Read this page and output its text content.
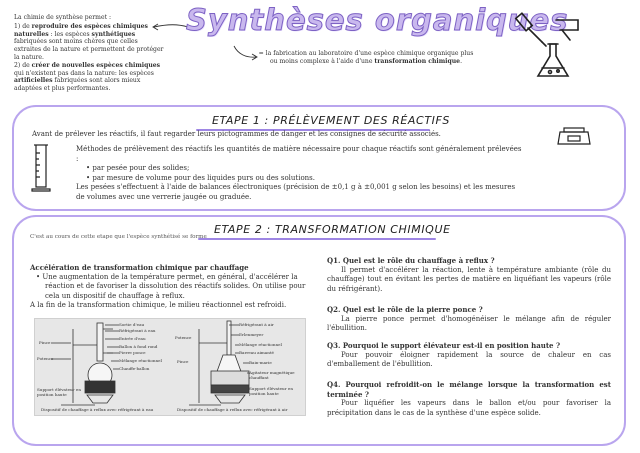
La chimie de synthèse permet :
1) de reproduire des espèces chimiques naturelles : les espèces synthétiques fabriquées sont moins chères que celles extraites de la nature et permettent de protéger la nature.
2) de créer de nouvelles espèces chimiques qui n'existent pas dans la nature: les espèces artificielles fabriquées sont alors mieux adaptées et plus performantes.
Synthèses organiques
= la fabrication au laboratoire d'une espèce chimique organique plus ou moins complexe à l'aide d'une transformation chimique.
ETAPE 1 : PRÉLÈVEMENT DES RÉACTIFS
Avant de prélever les réactifs, il faut regarder leurs pictogrammes de danger et les consignes de sécurité associés.
Méthodes de prélèvement des réactifs les quantités de matière nécessaire pour chaque réactifs sont généralement prélevées :
• par pesée pour des solides;
• par mesure de volume pour des liquides purs ou des solutions.
Les pesées s'effectuent à l'aide de balances électroniques (précision de ±0,1 g à ±0,001 g selon les besoins) et les mesures de volumes avec une verrerie jaugée ou graduée.
ETAPE 2 : TRANSFORMATION CHIMIQUE
C'est au cours de cette etape que l'espèce synthétisé se forme
Accélération de transformation chimique par chauffage
• Une augmentation de la température permet, en général, d'accélérer la réaction et de favoriser la dissolution des réactifs solides. On utilise pour cela un dispositif de chauffage à reflux.
A la fin de la transformation chimique, le milieu réactionnel est refroidi.
Sortie d'eau
Réfrigérant à eau
Entrée d'eau
Ballon à fond rond
Pierre ponce
Mélange réactionnel
Chauffe-ballon
Pince
Potence
Support élévateur en position haute
Dispositif de chauffage à reflux avec réfrigérant à eau
Réfrigérant à air
Erlenmeyer
Mélange réactionnel
Barreau aimanté
Bain-marie
Agitateur magnétique chauffant
Support élévateur en position haute
Potence
Pince
Dispositif de chauffage à reflux avec réfrigérant à air
Q1. Quel est le rôle du chauffage à reflux ?
Il permet d'accélérer la réaction, lente à température ambiante (rôle du chauffage) tout en évitant les pertes de matière en liquéfiant les vapeurs (rôle du réfrigérant).
Q2. Quel est le rôle de la pierre ponce ?
La pierre ponce permet d'homogénéiser le mélange afin de réguler l'ébullition.
Q3. Pourquoi le support élévateur est-il en position haute ?
Pour pouvoir éloigner rapidement la source de chaleur en cas d'emballement de l'ébullition.
Q4. Pourquoi refroidit-on le mélange lorsque la transformation est terminée ?
Pour liquéfier les vapeurs dans le ballon et/ou pour favoriser la précipitation dans le cas de la synthèse d'une espèce solide.
